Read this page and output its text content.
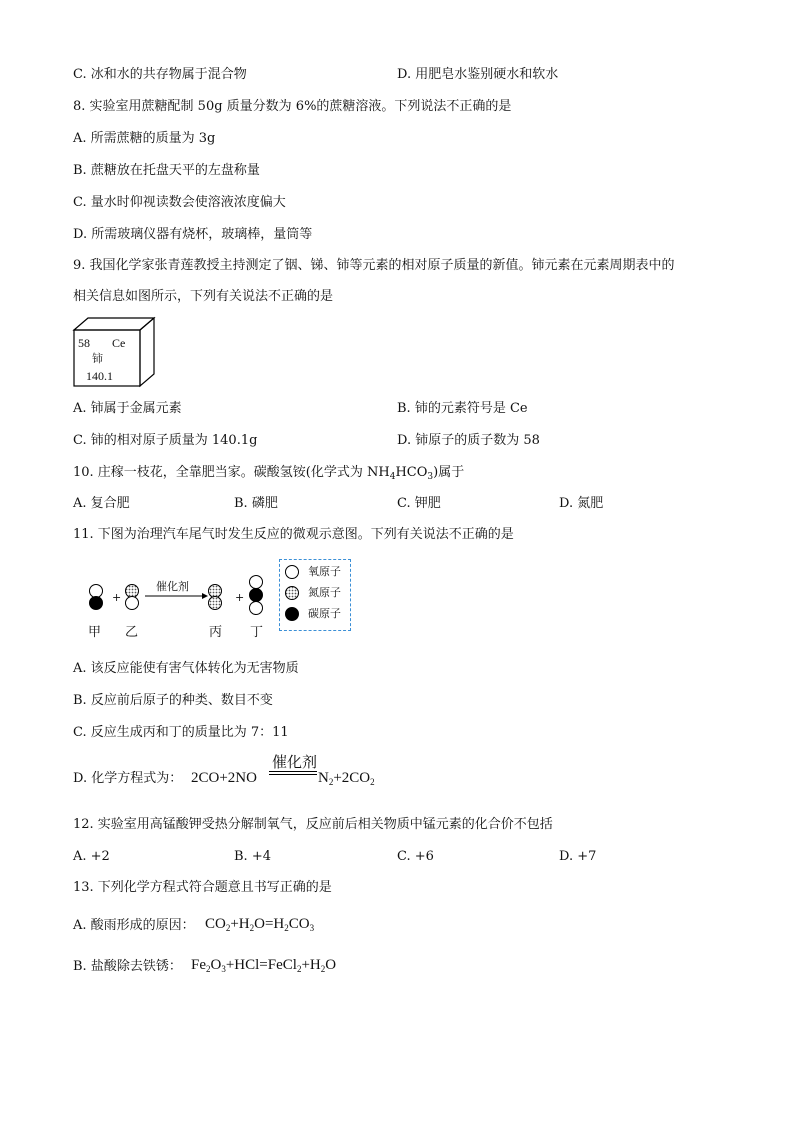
C. 冰和水的共存物属于混合物	D. 用肥皂水鉴别硬水和软水
8. 实验室用蔗糖配制 50g 质量分数为 6%的蔗糖溶液。下列说法不正确的是
A. 所需蔗糖的质量为 3g
B. 蔗糖放在托盘天平的左盘称量
C. 量水时仰视读数会使溶液浓度偏大
D. 所需玻璃仪器有烧杯，玻璃棒，量筒等
9. 我国化学家张青莲教授主持测定了铟、锑、铈等元素的相对原子质量的新值。铈元素在元素周期表中的
相关信息如图所示，下列有关说法不正确的是
58 Ce
铈
140.1
A. 铈属于金属元素	B. 铈的元素符号是 Ce
C. 铈的相对原子质量为 140.1g	D. 铈原子的质子数为 58
10. 庄稼一枝花，全靠肥当家。碳酸氢铵(化学式为 $NH_4HCO_3$)属于
A. 复合肥	B. 磷肥	C. 钾肥	D. 氮肥
11. 下图为治理汽车尾气时发生反应的微观示意图。下列有关说法不正确的是
+	+
催化剂
甲 乙	丙 丁
氧原子
氮原子
碳原子
A. 该反应能使有害气体转化为无害物质
B. 反应前后原子的种类、数目不变
C. 反应生成丙和丁的质量比为 7：11
D. 化学方程式为： 2CO+2NO
催化剂
$N_2+2CO_2$
12. 实验室用高锰酸钾受热分解制氧气，反应前后相关物质中锰元素的化合价不包括
A. +2	B. +4	C. +6	D. +7
13. 下列化学方程式符合题意且书写正确的是
A. 酸雨形成的原因： $CO_2+H_2O=H_2CO_3$
B. 盐酸除去铁锈： $Fe_2O_3+HCl=FeCl_2+H_2O$
